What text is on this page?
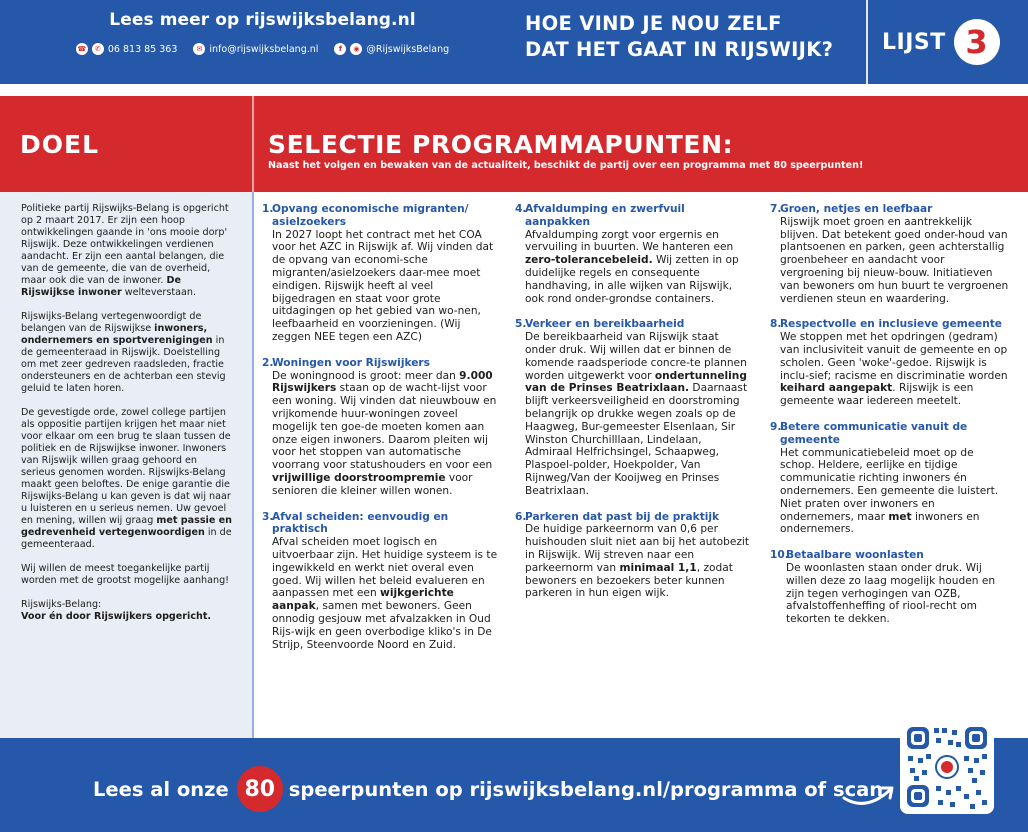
Lees meer op rijswijksbelang.nl
☎	✆ 06 813 85 363	✉ info@rijswijksbelang.nl	f	◉ @RijswijksBelang
HOE VIND JE NOU ZELF
DAT HET GAAT IN RIJSWIJK?	LIJST 3
DOEL	SELECTIE PROGRAMMAPUNTEN:
Naast het volgen en bewaken van de actualiteit, beschikt de partij over een programma met 80 speerpunten!

Politieke partij Rijswijks-Belang is opgericht op 2 maart 2017. Er zijn een hoop ontwikkelingen gaande in 'ons mooie dorp' Rijswijk. Deze ontwikkelingen verdienen aandacht. Er zijn een aantal belangen, die van de gemeente, die van de overheid, maar ook die van de inwoner. De Rijswijkse inwoner welteverstaan.

Rijswijks-Belang vertegenwoordigt de belangen van de Rijswijkse inwoners, ondernemers en sportverenigingen in de gemeenteraad in Rijswijk. Doelstelling om met zeer gedreven raadsleden, fractie ondersteuners en de achterban een stevig geluid te laten horen.

De gevestigde orde, zowel college partijen als oppositie partijen krijgen het maar niet voor elkaar om een brug te slaan tussen de politiek en de Rijswijkse inwoner. Inwoners van Rijswijk willen graag gehoord en serieus genomen worden. Rijswijks-Belang maakt geen beloftes. De enige garantie die Rijswijks-Belang u kan geven is dat wij naar u luisteren en u serieus nemen. Uw gevoel en mening, willen wij graag met passie en gedrevenheid vertegenwoordigen in de gemeenteraad.

Wij willen de meest toegankelijke partij worden met de grootst mogelijke aanhang!

Rijswijks-Belang:
Voor én door Rijswijkers opgericht.

1.
Opvang economische migranten/ asielzoekers
In 2027 loopt het contract met het COA voor het AZC in Rijswijk af. Wij vinden dat de opvang van economi-sche migranten/asielzoekers daar-mee moet eindigen. Rijswijk heeft al veel bijgedragen en staat voor grote uitdagingen op het gebied van wo-nen, leefbaarheid en voorzieningen. (Wij zeggen NEE tegen een AZC)
2.
Woningen voor Rijswijkers
De woningnood is groot: meer dan 9.000 Rijswijkers staan op de wacht-lijst voor een woning. Wij vinden dat nieuwbouw en vrijkomende huur-woningen zoveel mogelijk ten goe-de moeten komen aan onze eigen inwoners. Daarom pleiten wij voor het stoppen van automatische voorrang voor statushouders en voor een vrijwillige doorstroompremie voor senioren die kleiner willen wonen.
3.
Afval scheiden: eenvoudig en praktisch
Afval scheiden moet logisch en uitvoerbaar zijn. Het huidige systeem is te ingewikkeld en werkt niet overal even goed. Wij willen het beleid evalueren en aanpassen met een wijkgerichte aanpak, samen met bewoners. Geen onnodig gesjouw met afvalzakken in Oud Rijs-wijk en geen overbodige kliko's in De Strijp, Steenvoorde Noord en Zuid.
4.
Afvaldumping en zwerfvuil aanpakken
Afvaldumping zorgt voor ergernis en vervuiling in buurten. We hanteren een zero-tolerancebeleid. Wij zetten in op duidelijke regels en consequente handhaving, in alle wijken van Rijswijk, ook rond onder-grondse containers.
5.
Verkeer en bereikbaarheid
De bereikbaarheid van Rijswijk staat onder druk. Wij willen dat er binnen de komende raadsperiode concre-te plannen worden uitgewerkt voor ondertunneling van de Prinses Beatrixlaan. Daarnaast blijft verkeersveiligheid en doorstroming belangrijk op drukke wegen zoals op de Haagweg, Bur-gemeester Elsenlaan, Sir Winston Churchilllaan, Lindelaan, Admiraal Helfrichsingel, Schaapweg, Plaspoel-polder, Hoekpolder, Van Rijnweg/Van der Kooijweg en Prinses Beatrixlaan.
6.
Parkeren dat past bij de praktijk
De huidige parkeernorm van 0,6 per huishouden sluit niet aan bij het autobezit in Rijswijk. Wij streven naar een parkeernorm van minimaal 1,1, zodat bewoners en bezoekers beter kunnen parkeren in hun eigen wijk.
7.
Groen, netjes en leefbaar
Rijswijk moet groen en aantrekkelijk blijven. Dat betekent goed onder-houd van plantsoenen en parken, geen achterstallig groenbeheer en aandacht voor vergroening bij nieuw-bouw. Initiatieven van bewoners om hun buurt te vergroenen verdienen steun en waardering.
8.
Respectvolle en inclusieve gemeente
We stoppen met het opdringen (gedram) van inclusiviteit vanuit de gemeente en op scholen. Geen 'woke'-gedoe. Rijswijk is inclu-sief; racisme en discriminatie worden keihard aangepakt. Rijswijk is een gemeente waar iedereen meetelt.
9.
Betere communicatie vanuit de gemeente
Het communicatiebeleid moet op de schop. Heldere, eerlijke en tijdige communicatie richting inwoners én ondernemers. Een gemeente die luistert. Niet praten over inwoners en ondernemers, maar met inwoners en ondernemers.
10.
Betaalbare woonlasten
De woonlasten staan onder druk. Wij willen deze zo laag mogelijk houden en zijn tegen verhogingen van OZB, afvalstoffenheffing of riool-recht om tekorten te dekken.
Lees al onze 80 speerpunten op rijswijksbelang.nl/programma of scan
